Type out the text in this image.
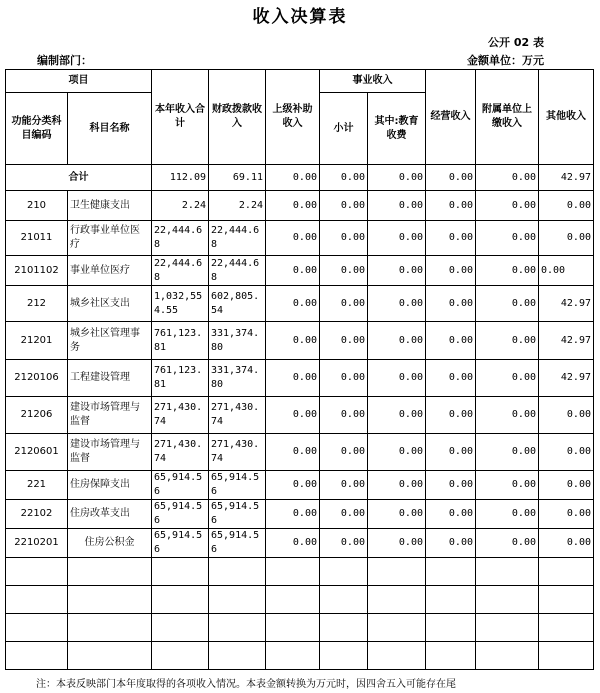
收入决算表
公开 02 表
编制部门：	金额单位：万元
项目		本年收入合计	财政拨款收入	上级补助收入	事业收入		经营收入	附属单位上缴收入	其他收入
功能分类科目编码	科目名称				小计	其中:教育收费			

合计		112.09	69.11	0.00	0.00	0.00	0.00	0.00	42.97
210	卫生健康支出	2.24	2.24	0.00	0.00	0.00	0.00	0.00	0.00
21011	行政事业单位医疗	22,444.68	22,444.68	0.00	0.00	0.00	0.00	0.00	0.00
2101102	事业单位医疗	22,444.68	22,444.68	0.00	0.00	0.00	0.00	0.00	0.00
212	城乡社区支出	1,032,554.55	602,805.54	0.00	0.00	0.00	0.00	0.00	42.97
21201	城乡社区管理事务	761,123.81	331,374.80	0.00	0.00	0.00	0.00	0.00	42.97
2120106	工程建设管理	761,123.81	331,374.80	0.00	0.00	0.00	0.00	0.00	42.97
21206	建设市场管理与监督	271,430.74	271,430.74	0.00	0.00	0.00	0.00	0.00	0.00
2120601	建设市场管理与监督	271,430.74	271,430.74	0.00	0.00	0.00	0.00	0.00	0.00
221	住房保障支出	65,914.56	65,914.56	0.00	0.00	0.00	0.00	0.00	0.00
22102	住房改革支出	65,914.56	65,914.56	0.00	0.00	0.00	0.00	0.00	0.00
2210201	住房公积金	65,914.56	65,914.56	0.00	0.00	0.00	0.00	0.00	0.00

注：本表反映部门本年度取得的各项收入情况。本表金额转换为万元时，因四舍五入可能存在尾
